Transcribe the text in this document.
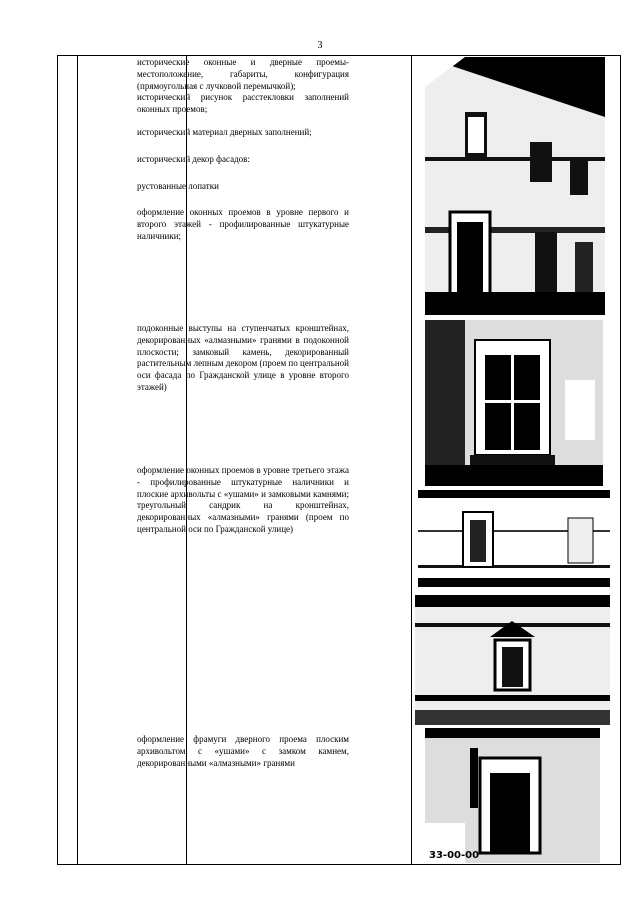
3

исторические оконные и дверные проемы- местоположение, габариты, конфигурация (прямоугольная с лучковой перемычкой);

исторический рисунок расстекловки заполнений оконных проемов;

исторический материал дверных заполнений;

исторический декор фасадов:

рустованные лопатки

оформление оконных проемов в уровне первого и второго этажей - профилированные штукатурные наличники;

подоконные выступы на ступенчатых кронштейнах, декорированных «алмазными» гранями в подоконной плоскости; замковый камень, декорированный растительным лепным декором (проем по центральной оси фасада по Гражданской улице в уровне второго этажей)

оформление оконных проемов в уровне третьего этажа - профилированные штукатурные наличники и плоские архивольты с «ушами» и замковыми камнями; треугольный сандрик на кронштейнах, декорированных «алмазными» гранями (проем по центральной оси по Гражданской улице)

оформление фрамуги дверного проема плоским архивольтом с «ушами» с замком камнем, декорированными «алмазными» гранями

33-00-00
